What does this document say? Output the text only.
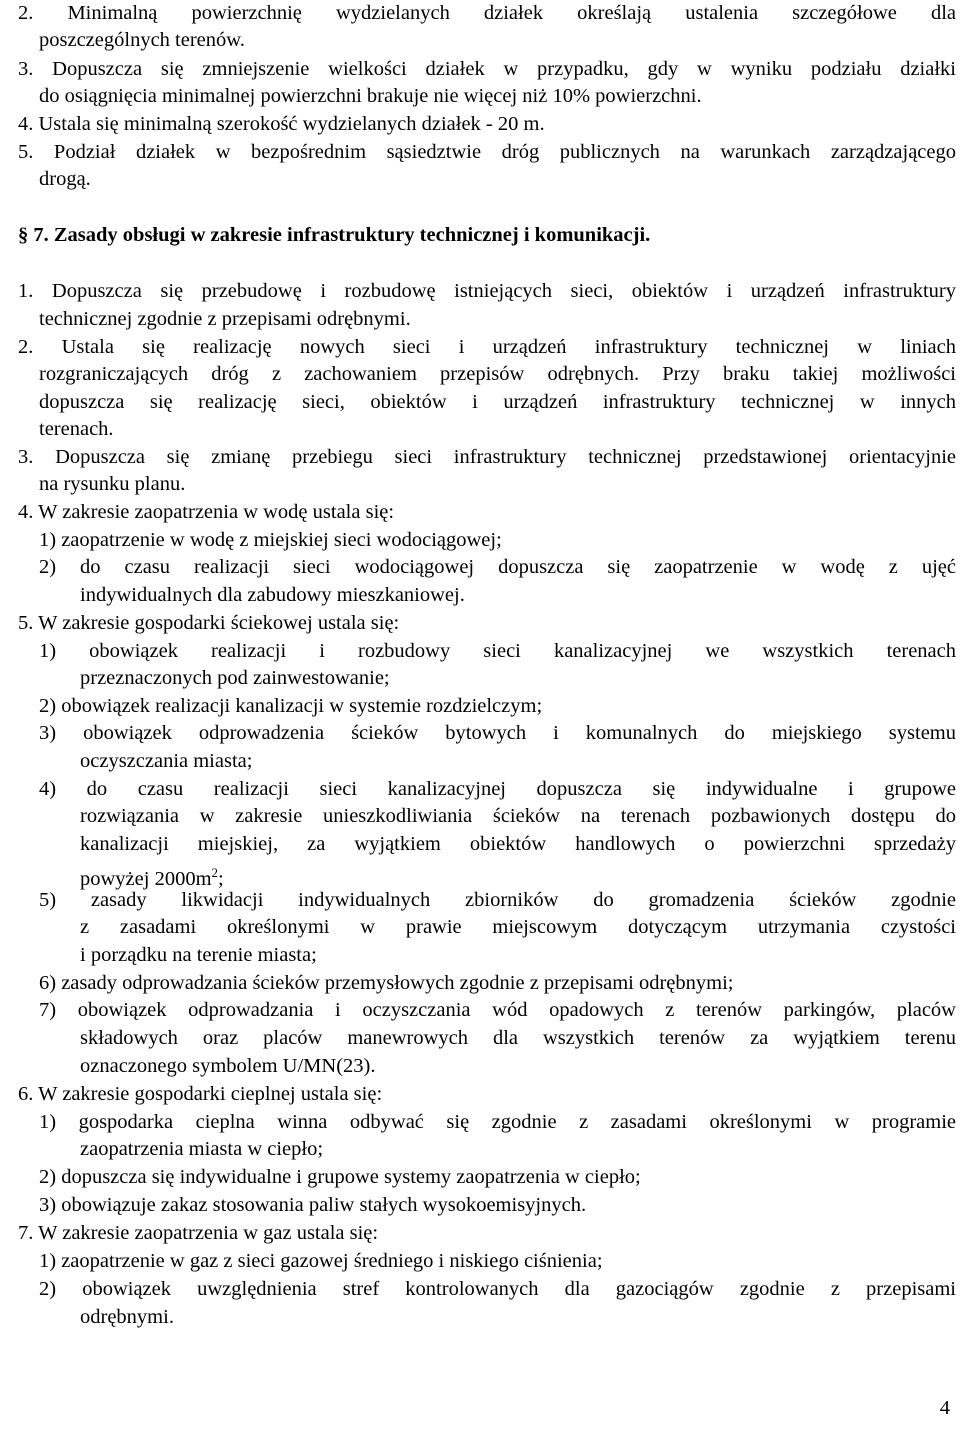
2. Minimalną powierzchnię wydzielanych działek określają ustalenia szczegółowe dla
poszczególnych terenów.
3. Dopuszcza się zmniejszenie wielkości działek w przypadku, gdy w wyniku podziału działki
do osiągnięcia minimalnej powierzchni brakuje nie więcej niż 10% powierzchni.
4. Ustala się minimalną szerokość wydzielanych działek - 20 m.
5. Podział działek w bezpośrednim sąsiedztwie dróg publicznych na warunkach zarządzającego
drogą.
§ 7. Zasady obsługi w zakresie infrastruktury technicznej i komunikacji.
1. Dopuszcza się przebudowę i rozbudowę istniejących sieci, obiektów i urządzeń infrastruktury
technicznej zgodnie z przepisami odrębnymi.
2. Ustala się realizację nowych sieci i urządzeń infrastruktury technicznej w liniach
rozgraniczających dróg z zachowaniem przepisów odrębnych. Przy braku takiej możliwości
dopuszcza się realizację sieci, obiektów i urządzeń infrastruktury technicznej w innych
terenach.
3. Dopuszcza się zmianę przebiegu sieci infrastruktury technicznej przedstawionej orientacyjnie
na rysunku planu.
4. W zakresie zaopatrzenia w wodę ustala się:
1) zaopatrzenie w wodę z miejskiej sieci wodociągowej;
2) do czasu realizacji sieci wodociągowej dopuszcza się zaopatrzenie w wodę z ujęć
indywidualnych dla zabudowy mieszkaniowej.
5. W zakresie gospodarki ściekowej ustala się:
1) obowiązek realizacji i rozbudowy sieci kanalizacyjnej we wszystkich terenach
przeznaczonych pod zainwestowanie;
2) obowiązek realizacji kanalizacji w systemie rozdzielczym;
3) obowiązek odprowadzenia ścieków bytowych i komunalnych do miejskiego systemu
oczyszczania miasta;
4) do czasu realizacji sieci kanalizacyjnej dopuszcza się indywidualne i grupowe
rozwiązania w zakresie unieszkodliwiania ścieków na terenach pozbawionych dostępu do
kanalizacji miejskiej, za wyjątkiem obiektów handlowych o powierzchni sprzedaży
powyżej $2000m^2$;
5) zasady likwidacji indywidualnych zbiorników do gromadzenia ścieków zgodnie
z zasadami określonymi w prawie miejscowym dotyczącym utrzymania czystości
i porządku na terenie miasta;
6) zasady odprowadzania ścieków przemysłowych zgodnie z przepisami odrębnymi;
7) obowiązek odprowadzania i oczyszczania wód opadowych z terenów parkingów, placów
składowych oraz placów manewrowych dla wszystkich terenów za wyjątkiem terenu
oznaczonego symbolem U/MN(23).
6. W zakresie gospodarki cieplnej ustala się:
1) gospodarka cieplna winna odbywać się zgodnie z zasadami określonymi w programie
zaopatrzenia miasta w ciepło;
2) dopuszcza się indywidualne i grupowe systemy zaopatrzenia w ciepło;
3) obowiązuje zakaz stosowania paliw stałych wysokoemisyjnych.
7. W zakresie zaopatrzenia w gaz ustala się:
1) zaopatrzenie w gaz z sieci gazowej średniego i niskiego ciśnienia;
2) obowiązek uwzględnienia stref kontrolowanych dla gazociągów zgodnie z przepisami
odrębnymi.
4
